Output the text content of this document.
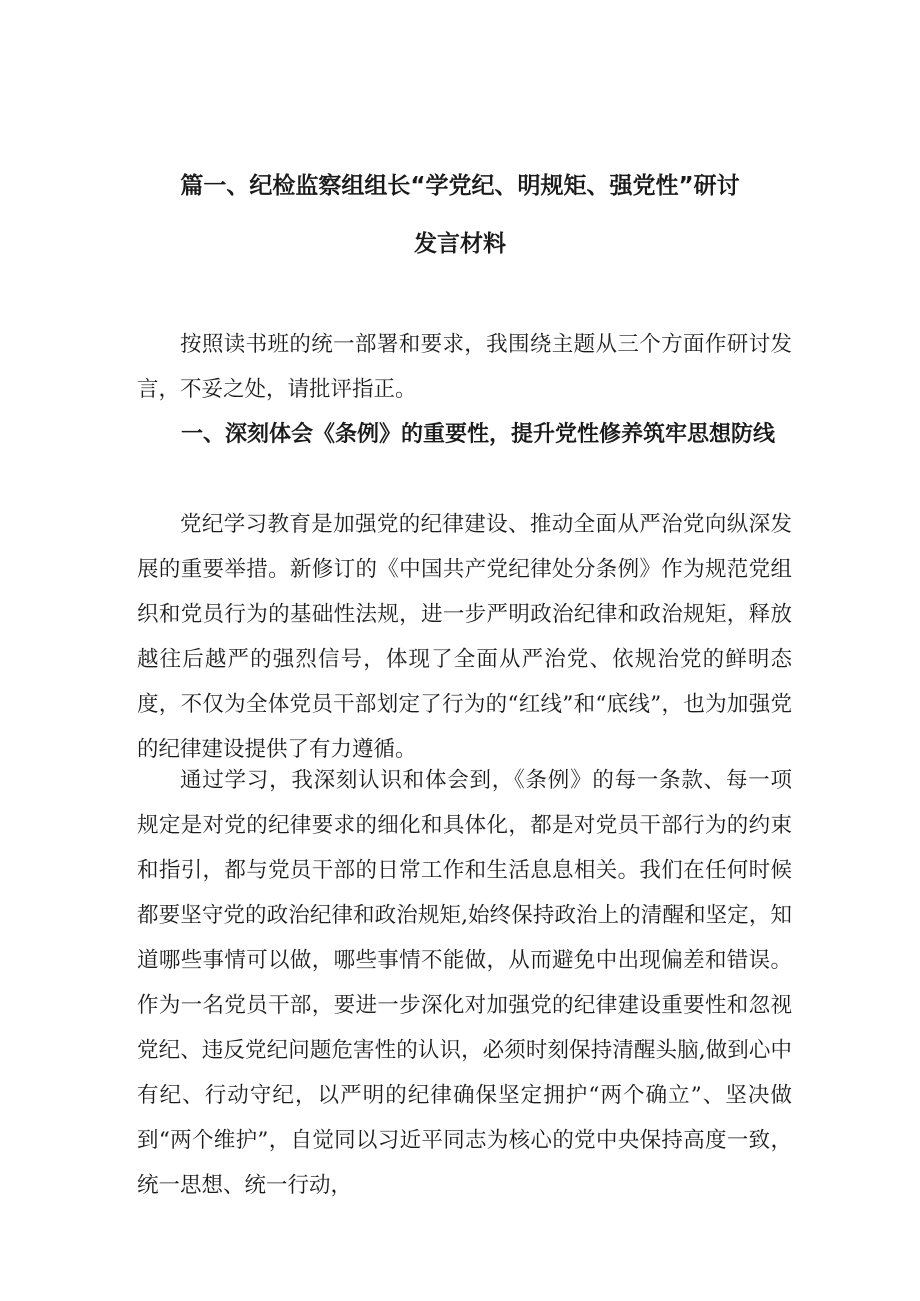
篇一、纪检监察组组长“学党纪、明规矩、强党性”研讨
发言材料

按照读书班的统一部署和要求，我围绕主题从三个方面作研讨发言，不妥之处，请批评指正。

一、深刻体会《条例》的重要性，提升党性修养筑牢思想防线

党纪学习教育是加强党的纪律建设、推动全面从严治党向纵深发展的重要举措。新修订的《中国共产党纪律处分条例》作为规范党组织和党员行为的基础性法规，进一步严明政治纪律和政治规矩，释放越往后越严的强烈信号，体现了全面从严治党、依规治党的鲜明态度，不仅为全体党员干部划定了行为的“红线”和“底线”，也为加强党的纪律建设提供了有力遵循。

通过学习，我深刻认识和体会到，《条例》的每一条款、每一项规定是对党的纪律要求的细化和具体化，都是对党员干部行为的约束和指引，都与党员干部的日常工作和生活息息相关。我们在任何时候都要坚守党的政治纪律和政治规矩,始终保持政治上的清醒和坚定，知道哪些事情可以做，哪些事情不能做，从而避免中出现偏差和错误。作为一名党员干部，要进一步深化对加强党的纪律建设重要性和忽视党纪、违反党纪问题危害性的认识，必须时刻保持清醒头脑,做到心中有纪、行动守纪，以严明的纪律确保坚定拥护“两个确立”、坚决做到“两个维护”，自觉同以习近平同志为核心的党中央保持高度一致，统一思想、统一行动，
